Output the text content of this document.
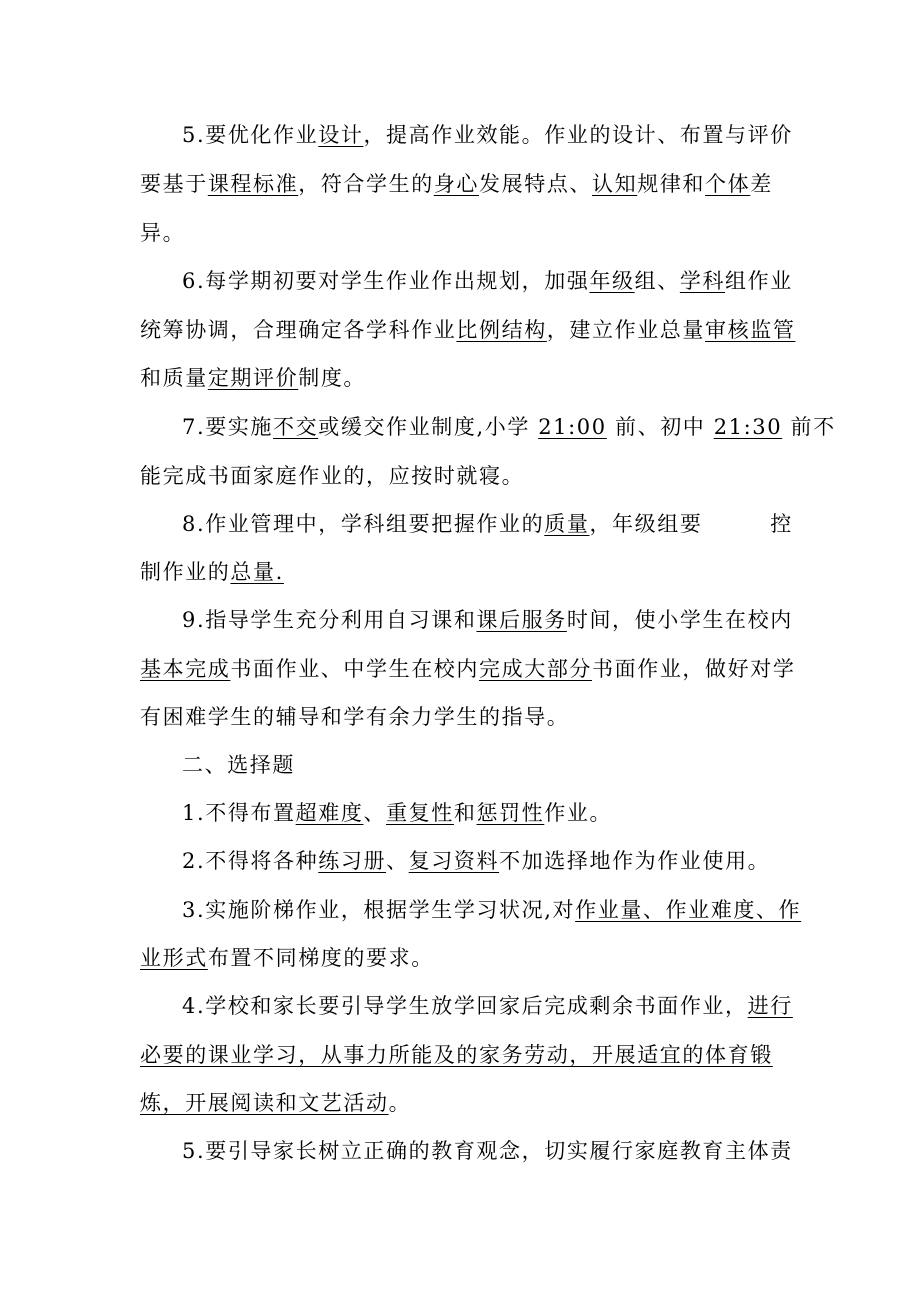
5.要优化作业设计，提高作业效能。作业的设计、布置与评价
要基于课程标准，符合学生的身心发展特点、认知规律和个体差
异。
6.每学期初要对学生作业作出规划，加强年级组、学科组作业
统筹协调，合理确定各学科作业比例结构，建立作业总量审核监管
和质量定期评价制度。
7.要实施不交或缓交作业制度,小学 21:00 前、初中 21:30 前不
能完成书面家庭作业的，应按时就寝。
8.作业管理中，学科组要把握作业的质量，年级组要　　　控
制作业的总量.
9.指导学生充分利用自习课和课后服务时间，使小学生在校内
基本完成书面作业、中学生在校内完成大部分书面作业，做好对学
有困难学生的辅导和学有余力学生的指导。
二、选择题
1.不得布置超难度、重复性和惩罚性作业。
2.不得将各种练习册、复习资料不加选择地作为作业使用。
3.实施阶梯作业，根据学生学习状况,对作业量、作业难度、作
业形式布置不同梯度的要求。
4.学校和家长要引导学生放学回家后完成剩余书面作业，进行
必要的课业学习，从事力所能及的家务劳动，开展适宜的体育锻
炼，开展阅读和文艺活动。
5.要引导家长树立正确的教育观念，切实履行家庭教育主体责
